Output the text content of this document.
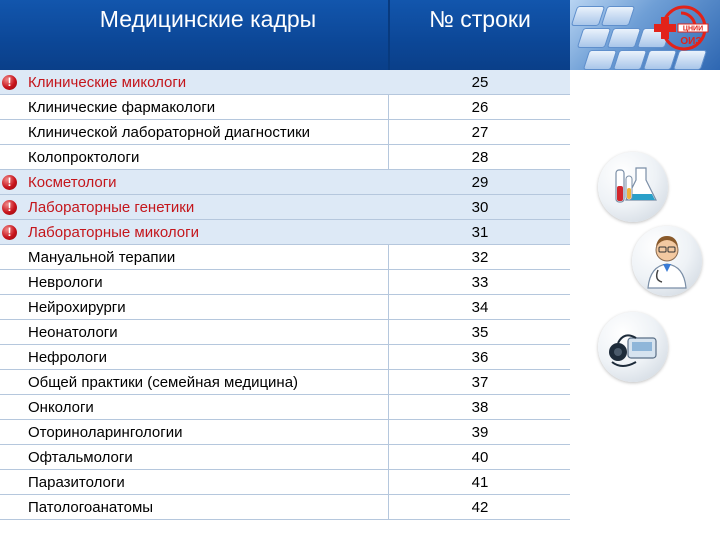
Медицинские кадры	№ строки	ЦНИИ
ОИЗ
!
Клинические микологи	25
Клинические фармакологи	26
Клинической лабораторной диагностики	27
Колопроктологи	28
!
Косметологи	29
!
Лабораторные генетики	30
!
Лабораторные микологи	31
Мануальной терапии	32
Неврологи	33
Нейрохирурги	34
Неонатологи	35
Нефрологи	36
Общей практики (семейная медицина)	37
Онкологи	38
Оториноларингологии	39
Офтальмологи	40
Паразитологи	41
Патологоанатомы	42
